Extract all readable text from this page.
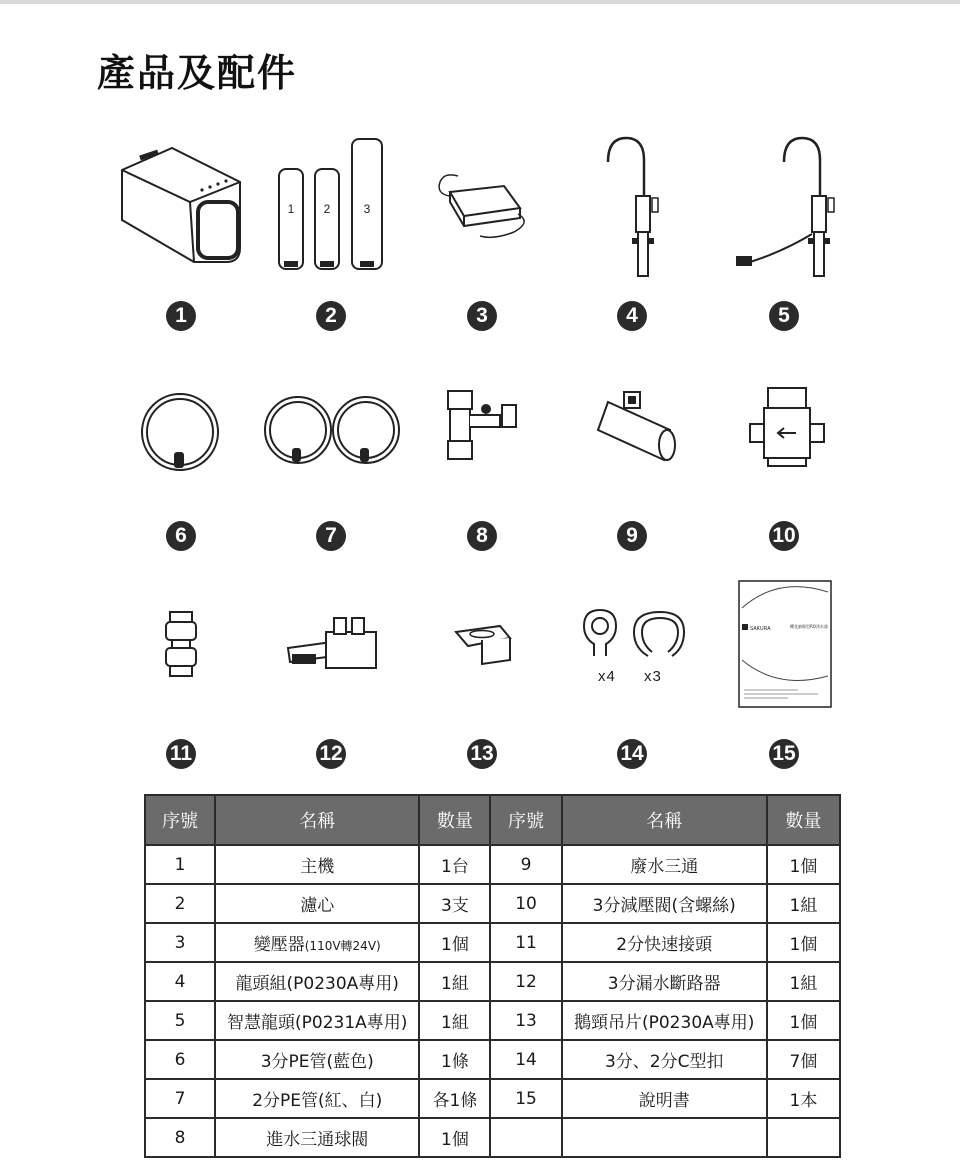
產品及配件
1 2	3
1	2	3	4	5
6	7	8	9	10
x4 x3
SAKURA	櫻花廚衛型RO淨水器
11	12	13	14	15
序號	名稱	數量	序號	名稱	數量
1	主機	1台	9	廢水三通	1個
2	濾心	3支	10	3分減壓閥(含螺絲)	1組
3	變壓器(110V轉24V)	1個	11	2分快速接頭	1個
4	龍頭組(P0230A專用)	1組	12	3分漏水斷路器	1組
5	智慧龍頭(P0231A專用)	1組	13	鵝頸吊片(P0230A專用)	1個
6	3分PE管(藍色)	1條	14	3分、2分C型扣	7個
7	2分PE管(紅、白)	各1條	15	說明書	1本
8	進水三通球閥	1個			
